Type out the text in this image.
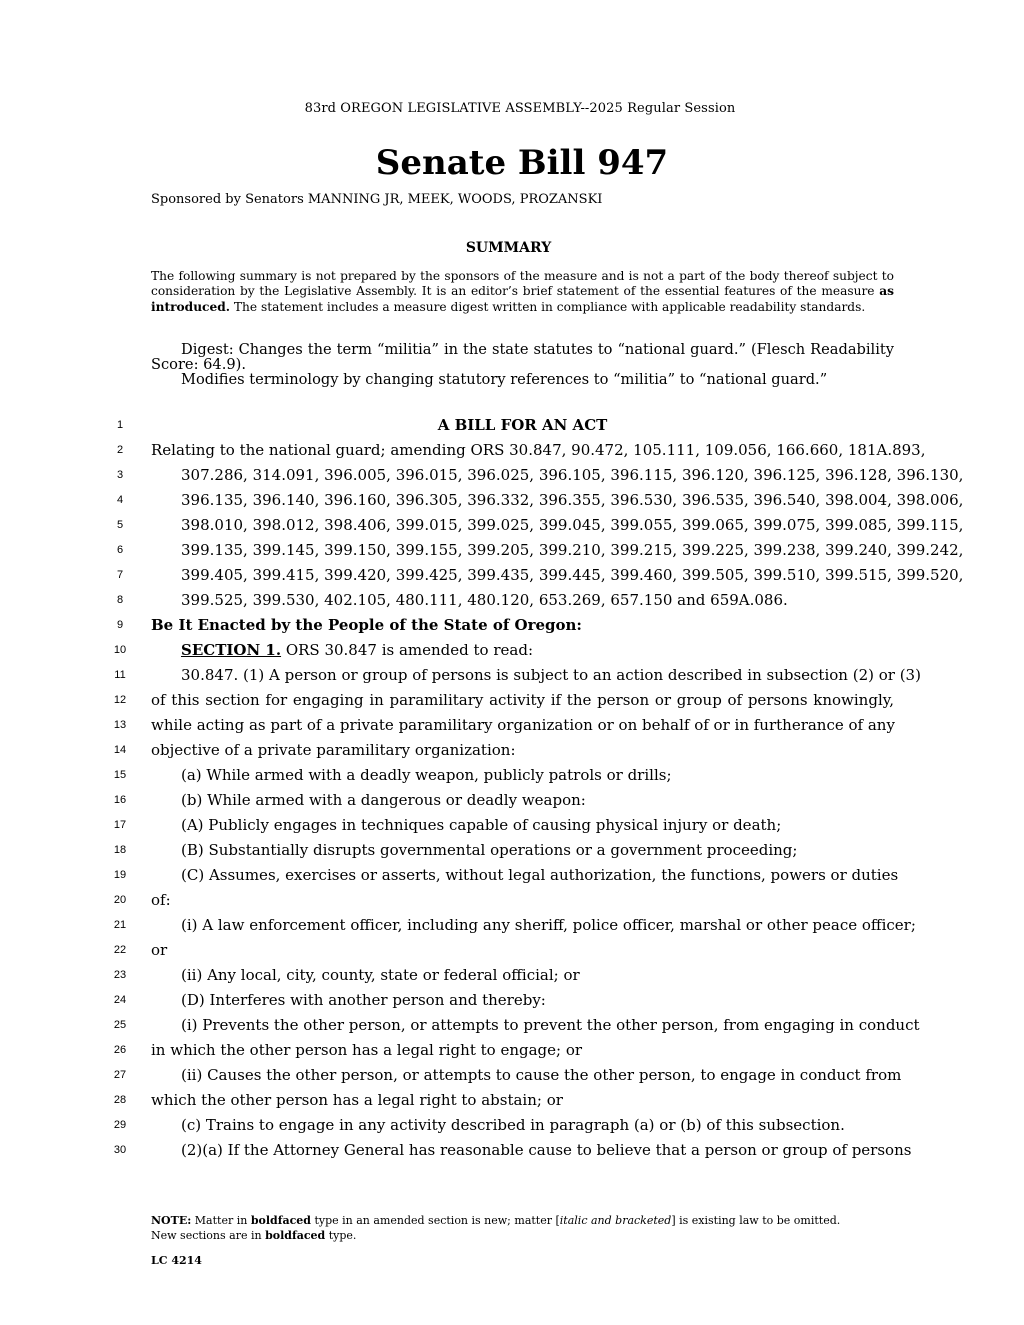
83rd OREGON LEGISLATIVE ASSEMBLY--2025 Regular Session
Senate Bill 947
Sponsored by Senators MANNING JR, MEEK, WOODS, PROZANSKI
SUMMARY
The following summary is not prepared by the sponsors of the measure and is not a part of the body thereof subject to consideration by the Legislative Assembly. It is an editor’s brief statement of the essential features of the measure as introduced. The statement includes a measure digest written in compliance with applicable readability standards.

Digest: Changes the term “militia” in the state statutes to “national guard.” (Flesch Readability Score: 64.9).

Modifies terminology by changing statutory references to “militia” to “national guard.”

1
2
3
4
5
6
7
8
9
10
11
12
13
14
15
16
17
18
19
20
21
22
23
24
25
26
27
28
29
30
A BILL FOR AN ACT
Relating to the national guard; amending ORS 30.847, 90.472, 105.111, 109.056, 166.660, 181A.893,
307.286, 314.091, 396.005, 396.015, 396.025, 396.105, 396.115, 396.120, 396.125, 396.128, 396.130,
396.135, 396.140, 396.160, 396.305, 396.332, 396.355, 396.530, 396.535, 396.540, 398.004, 398.006,
398.010, 398.012, 398.406, 399.015, 399.025, 399.045, 399.055, 399.065, 399.075, 399.085, 399.115,
399.135, 399.145, 399.150, 399.155, 399.205, 399.210, 399.215, 399.225, 399.238, 399.240, 399.242,
399.405, 399.415, 399.420, 399.425, 399.435, 399.445, 399.460, 399.505, 399.510, 399.515, 399.520,
399.525, 399.530, 402.105, 480.111, 480.120, 653.269, 657.150 and 659A.086.
Be It Enacted by the People of the State of Oregon:
SECTION 1. ORS 30.847 is amended to read:
30.847. (1) A person or group of persons is subject to an action described in subsection (2) or (3)
of this section for engaging in paramilitary activity if the person or group of persons knowingly,
while acting as part of a private paramilitary organization or on behalf of or in furtherance of any
objective of a private paramilitary organization:
(a) While armed with a deadly weapon, publicly patrols or drills;
(b) While armed with a dangerous or deadly weapon:
(A) Publicly engages in techniques capable of causing physical injury or death;
(B) Substantially disrupts governmental operations or a government proceeding;
(C) Assumes, exercises or asserts, without legal authorization, the functions, powers or duties
of:
(i) A law enforcement officer, including any sheriff, police officer, marshal or other peace officer;
or
(ii) Any local, city, county, state or federal official; or
(D) Interferes with another person and thereby:
(i) Prevents the other person, or attempts to prevent the other person, from engaging in conduct
in which the other person has a legal right to engage; or
(ii) Causes the other person, or attempts to cause the other person, to engage in conduct from
which the other person has a legal right to abstain; or
(c) Trains to engage in any activity described in paragraph (a) or (b) of this subsection.
(2)(a) If the Attorney General has reasonable cause to believe that a person or group of persons
NOTE: Matter in boldfaced type in an amended section is new; matter [italic and bracketed] is existing law to be omitted.
New sections are in boldfaced type.
LC 4214
